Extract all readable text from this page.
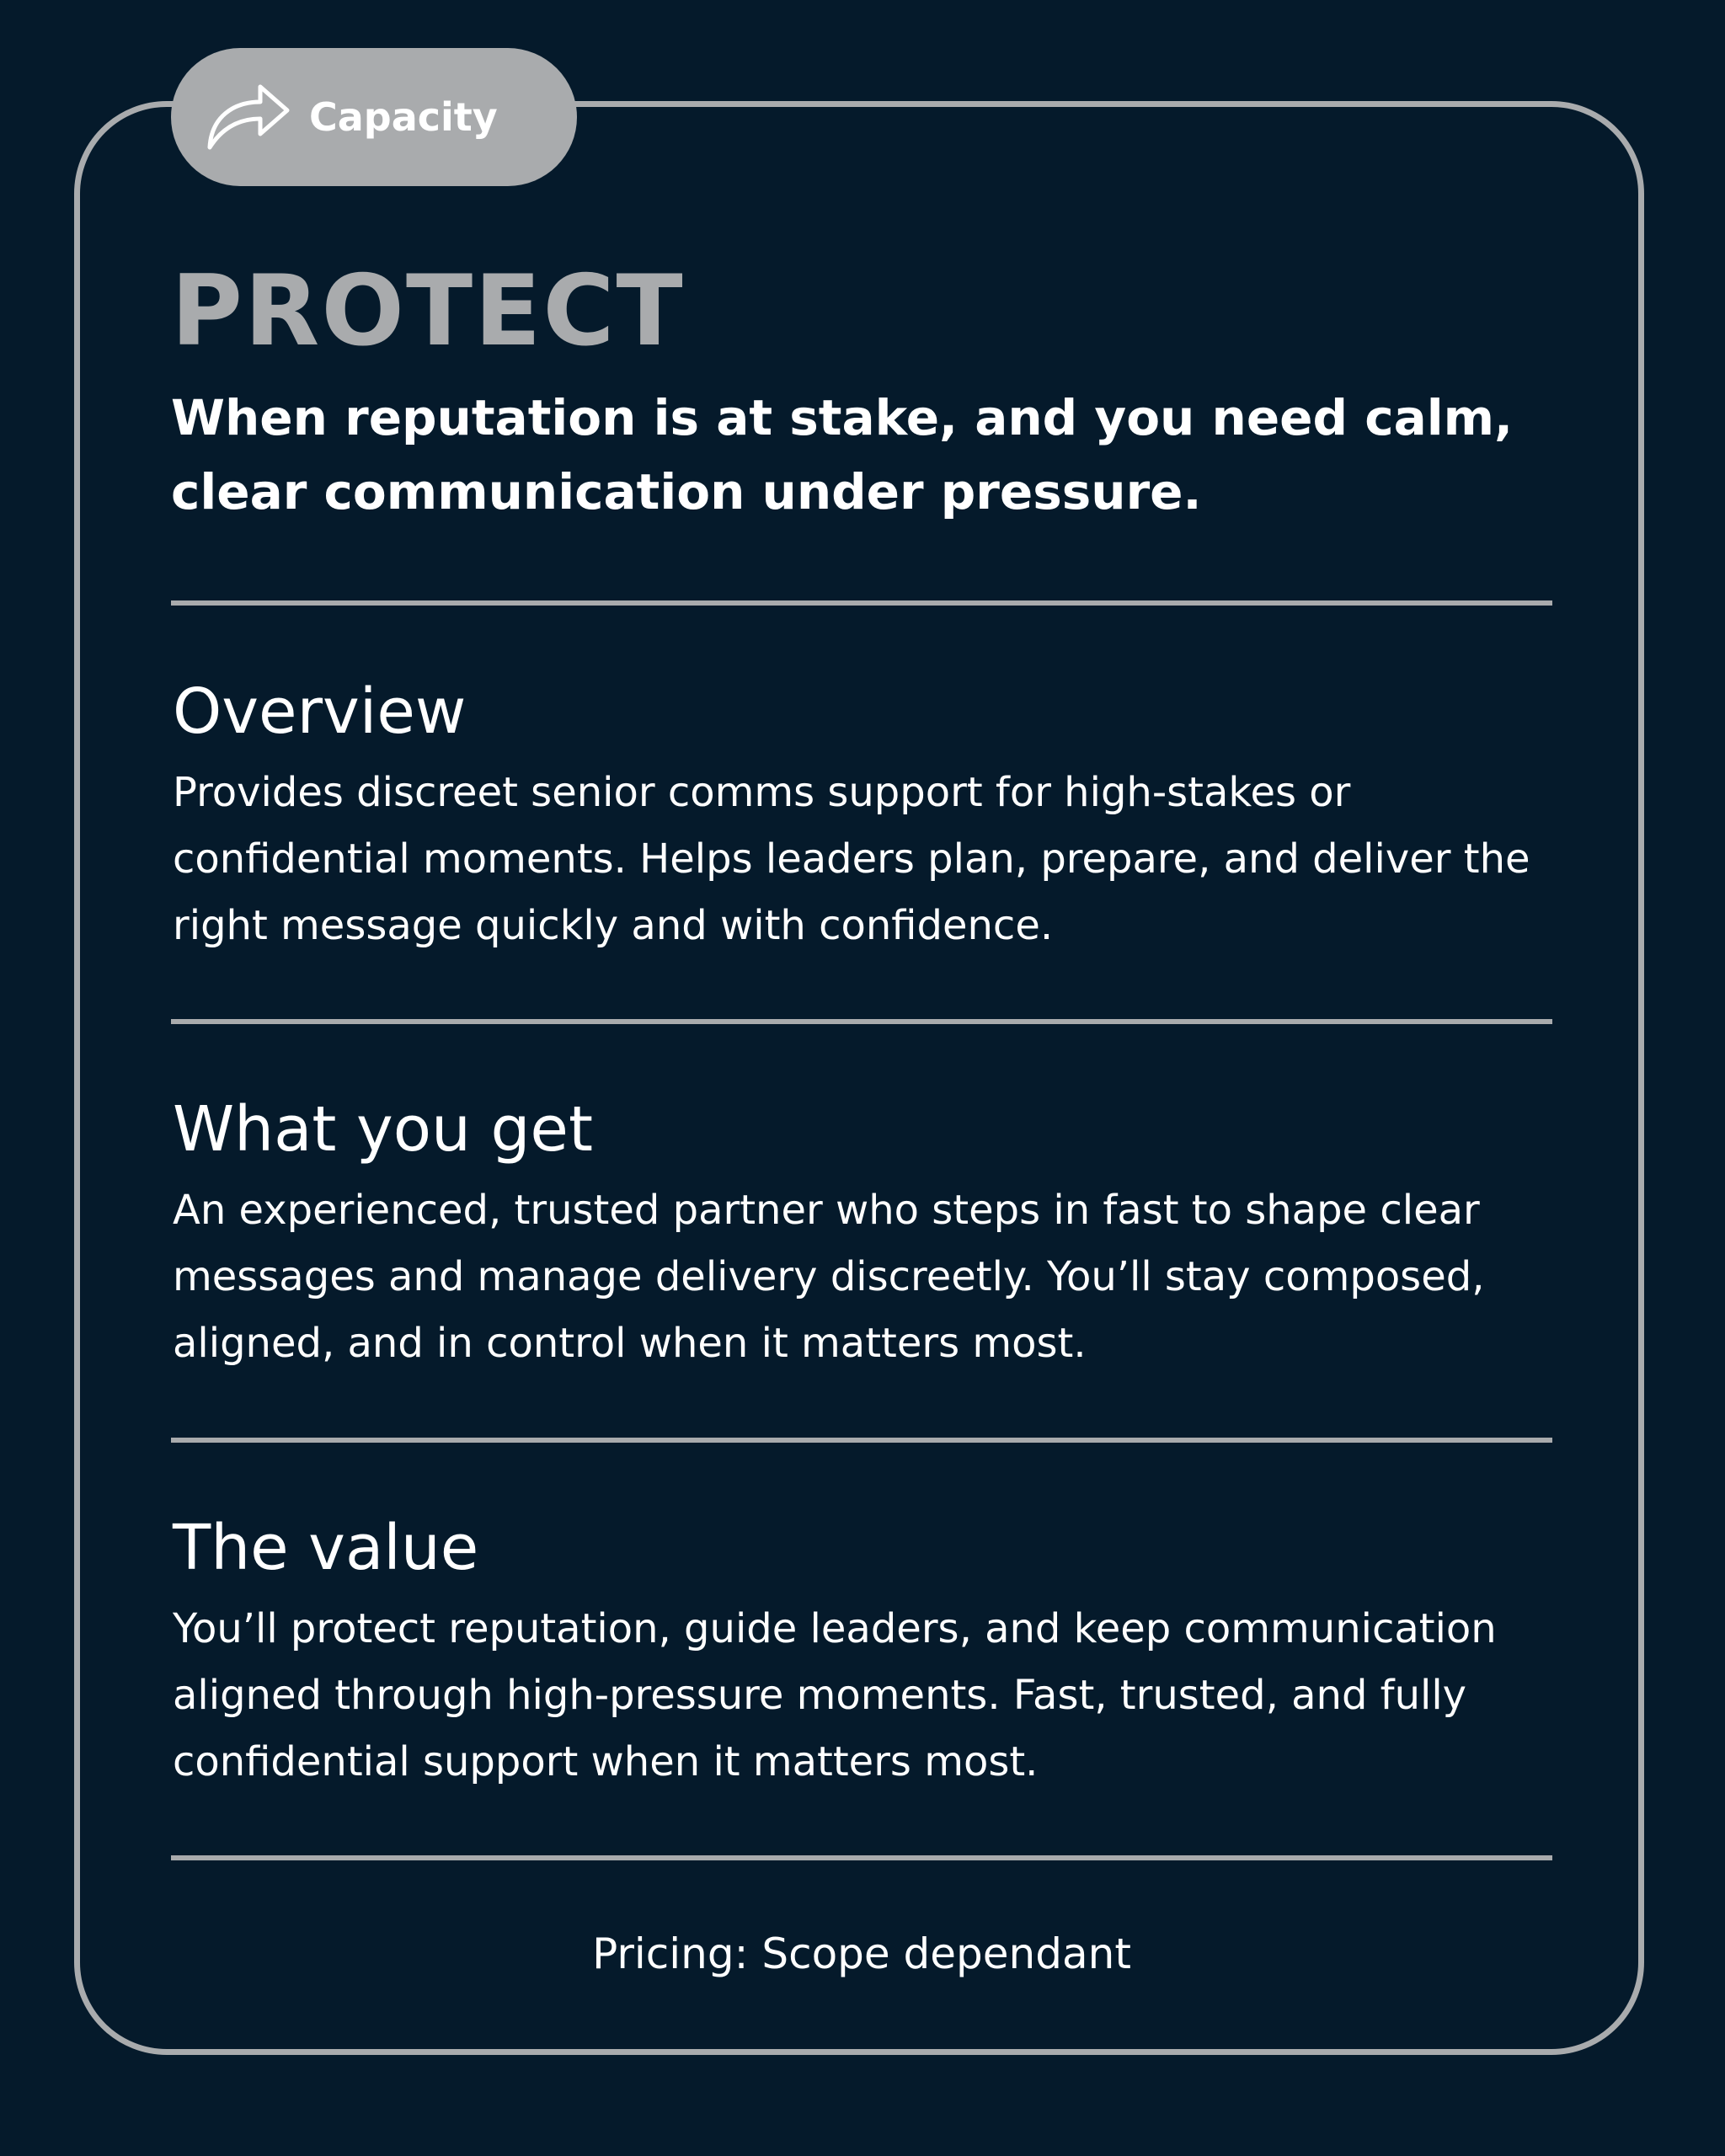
Capacity
PROTECT
When reputation is at stake, and you need calm, clear communication under pressure.
Overview
Provides discreet senior comms support for high-stakes or confidential moments. Helps leaders plan, prepare, and deliver the right message quickly and with confidence.
What you get
An experienced, trusted partner who steps in fast to shape clear messages and manage delivery discreetly. You’ll stay composed, aligned, and in control when it matters most.
The value
You’ll protect reputation, guide leaders, and keep communication aligned through high-pressure moments. Fast, trusted, and fully confidential support when it matters most.
Pricing: Scope dependant
